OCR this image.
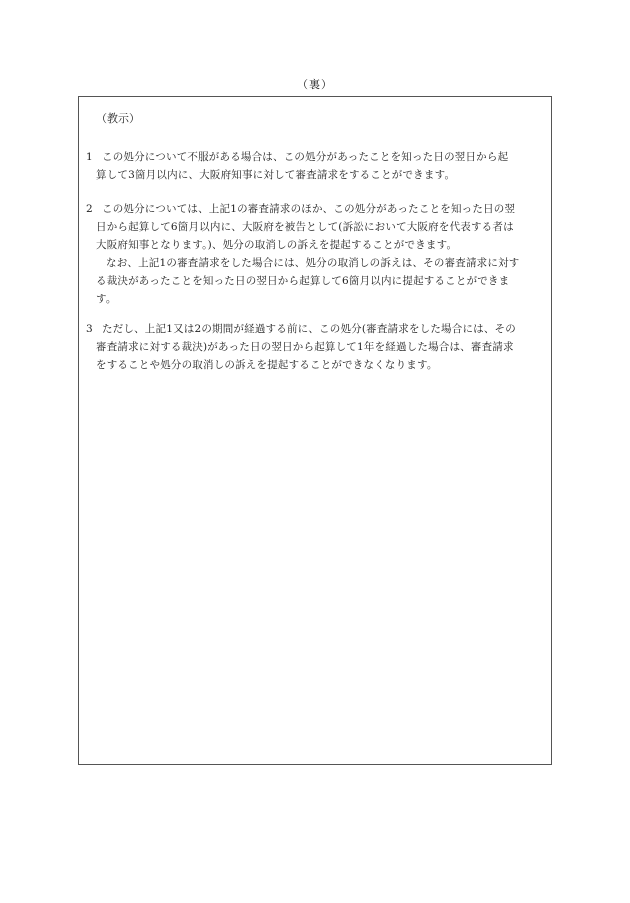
（裏）
（教示）
1 この処分について不服がある場合は、この処分があったことを知った日の翌日から起
算して3箇月以内に、大阪府知事に対して審査請求をすることができます。
2 この処分については、上記1の審査請求のほか、この処分があったことを知った日の翌
日から起算して6箇月以内に、大阪府を被告として(訴訟において大阪府を代表する者は
大阪府知事となります。)、処分の取消しの訴えを提起することができます。
なお、上記1の審査請求をした場合には、処分の取消しの訴えは、その審査請求に対す
る裁決があったことを知った日の翌日から起算して6箇月以内に提起することができま
す。
3 ただし、上記1又は2の期間が経過する前に、この処分(審査請求をした場合には、その
審査請求に対する裁決)があった日の翌日から起算して1年を経過した場合は、審査請求
をすることや処分の取消しの訴えを提起することができなくなります。
